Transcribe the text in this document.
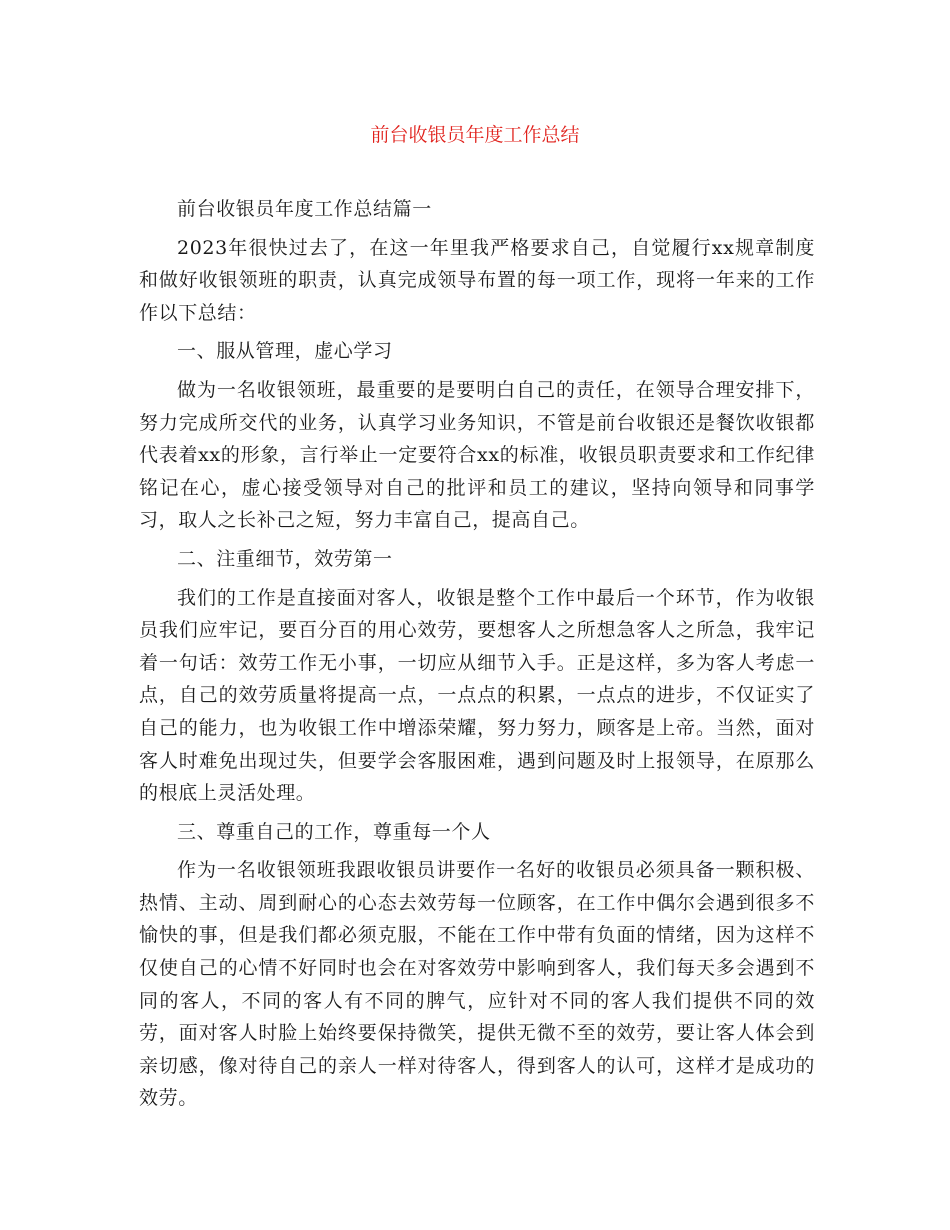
前台收银员年度工作总结

前台收银员年度工作总结篇一

2023年很快过去了，在这一年里我严格要求自己，自觉履行xx规章制度和做好收银领班的职责，认真完成领导布置的每一项工作，现将一年来的工作作以下总结：

一、服从管理，虚心学习

做为一名收银领班，最重要的是要明白自己的责任，在领导合理安排下，努力完成所交代的业务，认真学习业务知识，不管是前台收银还是餐饮收银都代表着xx的形象，言行举止一定要符合xx的标准，收银员职责要求和工作纪律铭记在心，虚心接受领导对自己的批评和员工的建议，坚持向领导和同事学习，取人之长补己之短，努力丰富自己，提高自己。

二、注重细节，效劳第一

我们的工作是直接面对客人，收银是整个工作中最后一个环节，作为收银员我们应牢记，要百分百的用心效劳，要想客人之所想急客人之所急，我牢记着一句话：效劳工作无小事，一切应从细节入手。正是这样，多为客人考虑一点，自己的效劳质量将提高一点，一点点的积累，一点点的进步，不仅证实了自己的能力，也为收银工作中增添荣耀，努力努力，顾客是上帝。当然，面对客人时难免出现过失，但要学会客服困难，遇到问题及时上报领导，在原那么的根底上灵活处理。

三、尊重自己的工作，尊重每一个人

作为一名收银领班我跟收银员讲要作一名好的收银员必须具备一颗积极、热情、主动、周到耐心的心态去效劳每一位顾客，在工作中偶尔会遇到很多不愉快的事，但是我们都必须克服，不能在工作中带有负面的情绪，因为这样不仅使自己的心情不好同时也会在对客效劳中影响到客人，我们每天多会遇到不同的客人，不同的客人有不同的脾气，应针对不同的客人我们提供不同的效劳，面对客人时脸上始终要保持微笑，提供无微不至的效劳，要让客人体会到亲切感，像对待自己的亲人一样对待客人，得到客人的认可，这样才是成功的效劳。
